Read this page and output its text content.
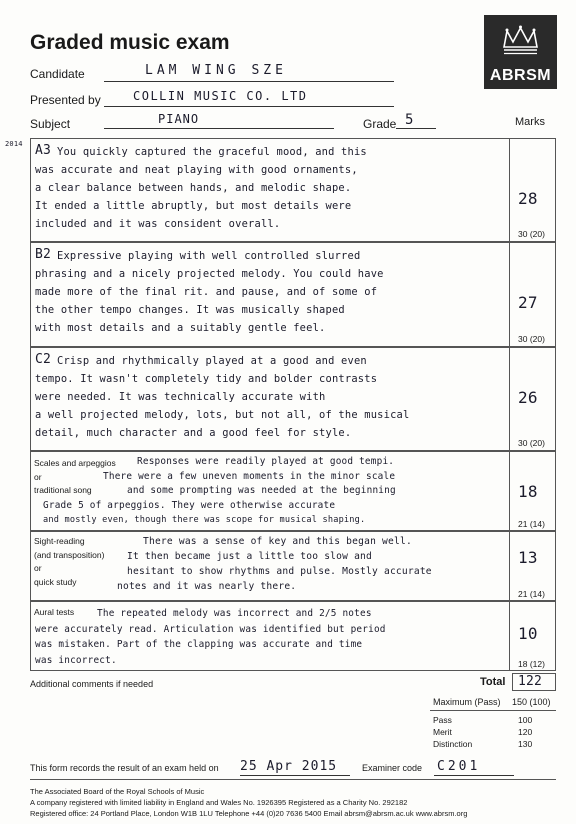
Graded music exam
ABRSM
Candidate	LAM WING SZE
Presented by	COLLIN MUSIC CO. LTD
Subject	PIANO	Grade 5	Marks
2014 A3 You quickly captured the graceful mood, and this
was accurate and neat playing with good ornaments,
a clear balance between hands, and melodic shape.
It ended a little abruptly, but most details were
included and it was consident overall.
28
30 (20)
B2 Expressive playing with well controlled slurred
phrasing and a nicely projected melody. You could have
made more of the final rit. and pause, and of some of
the other tempo changes. It was musically shaped
with most details and a suitably gentle feel.
27
30 (20)
C2 Crisp and rhythmically played at a good and even
tempo. It wasn't completely tidy and bolder contrasts
were needed. It was technically accurate with
a well projected melody, lots, but not all, of the musical
detail, much character and a good feel for style.
26
30 (20)
Scales and arpeggios
or
traditional song
Responses were readily played at good tempi.
There were a few uneven moments in the minor scale
and some prompting was needed at the beginning
Grade 5 of arpeggios. They were otherwise accurate
and mostly even, though there was scope for musical shaping.
18
21 (14)
Sight-reading
(and transposition)
or
quick study
There was a sense of key and this began well.
It then became just a little too slow and
hesitant to show rhythms and pulse. Mostly accurate
notes and it was nearly there.
13
21 (14)
Aural tests The repeated melody was incorrect and 2/5 notes
were accurately read. Articulation was identified but period
was mistaken. Part of the clapping was accurate and time
was incorrect.
10
18 (12)
Additional comments if needed	Total 122
Maximum (Pass) 150 (100)
Pass	100
Merit	120
Distinction	130
This form records the result of an exam held on 25 Apr 2015	Examiner code C201
The Associated Board of the Royal Schools of Music
A company registered with limited liability in England and Wales No. 1926395 Registered as a Charity No. 292182
Registered office: 24 Portland Place, London W1B 1LU Telephone +44 (0)20 7636 5400 Email abrsm@abrsm.ac.uk www.abrsm.org
